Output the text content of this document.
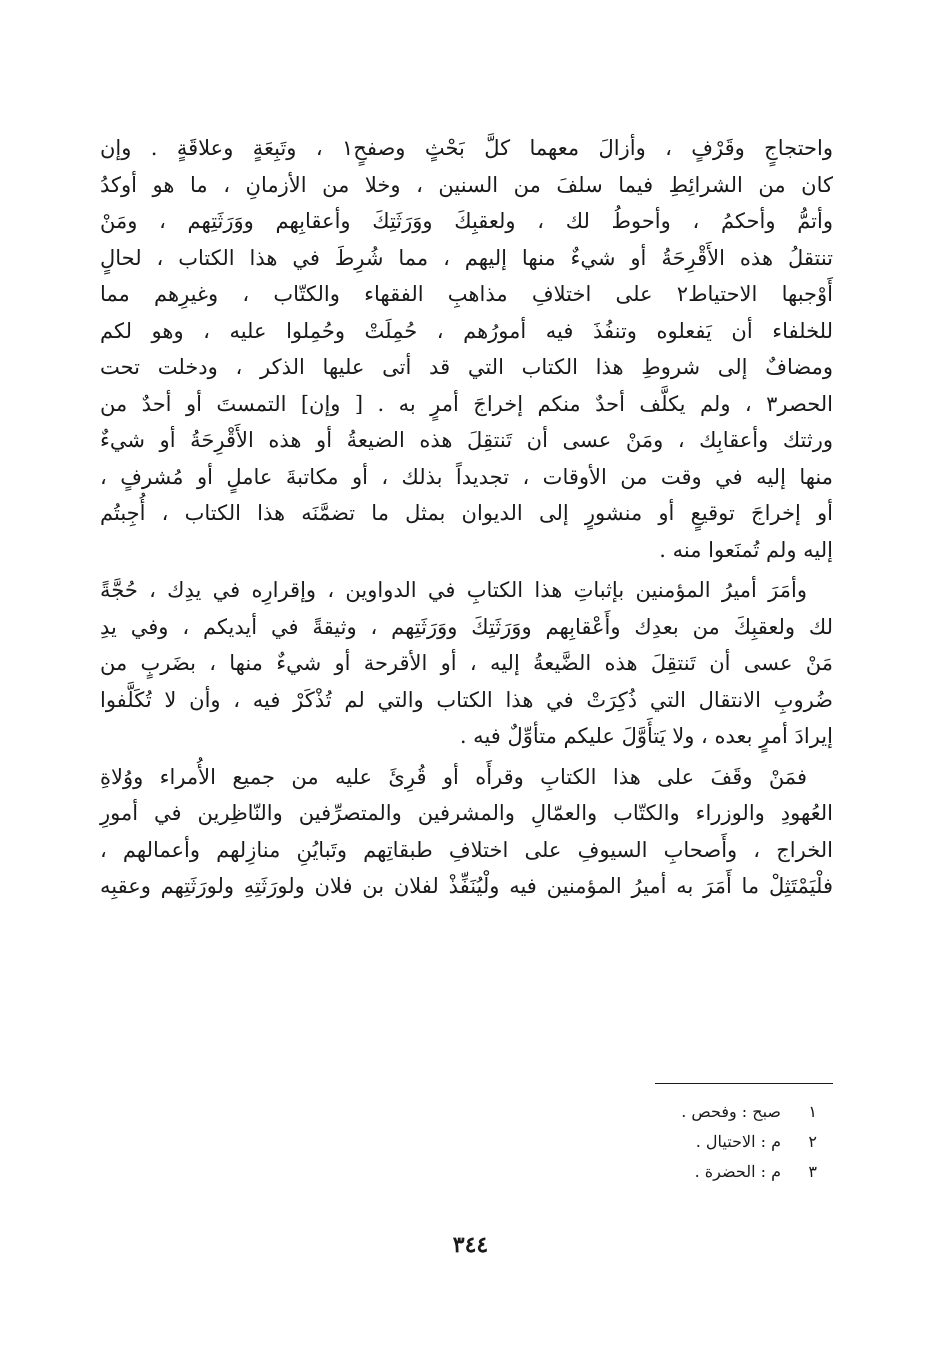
واحتجاجٍ وقَرْفٍ ، وأزالَ معهما كلَّ بَحْثٍ وصفحٍ١ ، وتَبِعَةٍ وعلاقَةٍ . وإن
كان من الشرائِطِ فيما سلفَ من السنين ، وخلا من الأزمانِ ، ما هو أوكدُ
وأتمُّ وأحكمُ ، وأحوطُ لك ، ولعقبِكَ ووَرَثَتِكَ وأعقابِهم ووَرَثَتِهم ، ومَنْ
تنتقلُ هذه الأَقْرِحَةُ أو شيءٌ منها إليهم ، مما شُرِطَ في هذا الكتاب ، لحالٍ
أَوْجبها الاحتياط٢ على اختلافِ مذاهبِ الفقهاء والكتّاب ، وغيرِهم مما
للخلفاء أن يَفعلوه وتنفُذَ فيه أمورُهم ، حُمِلَتْ وحُمِلوا عليه ، وهو لكم
ومضافٌ إلى شروطِ هذا الكتاب التي قد أتى عليها الذكر ، ودخلت تحت
الحصر٣ ، ولم يكلَّف أحدٌ منكم إخراجَ أمرٍ به . [ وإن] التمستَ أو أحدٌ من
ورثتك وأعقابِك ، ومَنْ عسى أن تَنتقِلَ هذه الضيعةُ أو هذه الأَقْرِحَةُ أو شيءٌ
منها إليه في وقت من الأوقات ، تجديداً بذلك ، أو مكاتبةَ عاملٍ أو مُشرفٍ ،
أو إخراجَ توقيعٍ أو منشورٍ إلى الديوان بمثل ما تضمَّنَه هذا الكتاب ، أُجِبتُم
إليه ولم تُمنَعوا منه .

وأمَرَ أميرُ المؤمنين بإثباتِ هذا الكتابِ في الدواوين ، وإقرارِه في يدِك ، حُجَّةً
لك ولعقبِكَ من بعدِك وأَعْقابِهم ووَرَثَتِكَ ووَرَثَتِهم ، وثيقةً في أيديكم ، وفي يدِ
مَنْ عسى أن تَنتقِلَ هذه الضَّيعةُ إليه ، أو الأقرحة أو شيءٌ منها ، بضَربٍ من
ضُروبِ الانتقال التي ذُكِرَتْ في هذا الكتاب والتي لم تُذْكَرْ فيه ، وأن لا تُكَلَّفوا
إيرادَ أمرٍ بعده ، ولا يَتأَوَّلَ عليكم متأوِّلٌ فيه .

فمَنْ وقَفَ على هذا الكتابِ وقرأَه أو قُرِئَ عليه من جميع الأُمراء ووُلاةِ
العُهودِ والوزراء والكتّاب والعمّالِ والمشرفين والمتصرِّفين والنّاظِرين في أمورِ
الخراج ، وأَصحابِ السيوفِ على اختلافِ طبقاتِهم وتَبايُنِ منازِلهم وأعمالهم ،
فلْيَمْتَثِلْ ما أَمَرَ به أميرُ المؤمنين فيه ولْيُنَفِّذْ لفلان بن فلان ولورَثَتِهِ ولورَثَتِهم وعقبِه

١
صبح : وفحص .
٢
م : الاحتيال .
٣
م : الحضرة .
٣٤٤
